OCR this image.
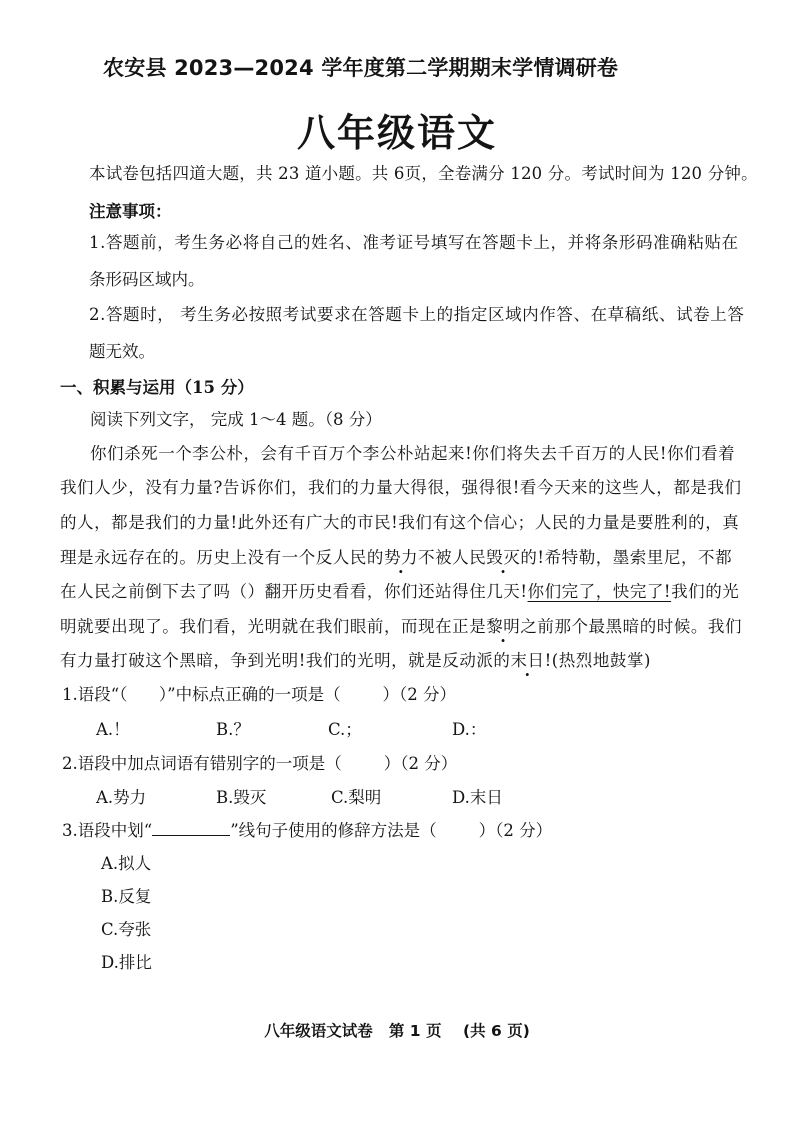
农安县 2023—2024 学年度第二学期期末学情调研卷
八年级语文
本试卷包括四道大题，共 23 道小题。共 6页，全卷满分 120 分。考试时间为 120 分钟。
注意事项：
1.答题前，考生务必将自己的姓名、准考证号填写在答题卡上，并将条形码准确粘贴在
条形码区域内。
2.答题时， 考生务必按照考试要求在答题卡上的指定区域内作答、在草稿纸、试卷上答
题无效。
一、积累与运用（15 分）
阅读下列文字， 完成 1～4 题。（8 分）
你们杀死一个李公朴，会有千百万个李公朴站起来!你们将失去千百万的人民!你们看着
我们人少，没有力量?告诉你们，我们的力量大得很，强得很!看今天来的这些人，都是我们
的人，都是我们的力量!此外还有广大的市民!我们有这个信心；人民的力量是要胜利的，真
理是永远存在的。历史上没有一个反人民的势力不被人民毁灭的!希特勒，墨索里尼，不都
在人民之前倒下去了吗（）翻开历史看看，你们还站得住几天!你们完了，快完了!我们的光
明就要出现了。我们看，光明就在我们眼前，而现在正是黎明之前那个最黑暗的时候。我们
有力量打破这个黑暗，争到光明!我们的光明，就是反动派的末日!(热烈地鼓掌)
1.语段“（      ）”中标点正确的一项是（        ）（2 分）
A.！	B.？	C.；	D.：
2.语段中加点词语有错别字的一项是（        ）（2 分）
A.势力	B.毁灭	C.梨明	D.末日
3.语段中划“	”线句子使用的修辞方法是（        ）（2 分）
A.拟人
B.反复
C.夸张
D.排比
八年级语文试卷   第 1 页    (共 6 页)
